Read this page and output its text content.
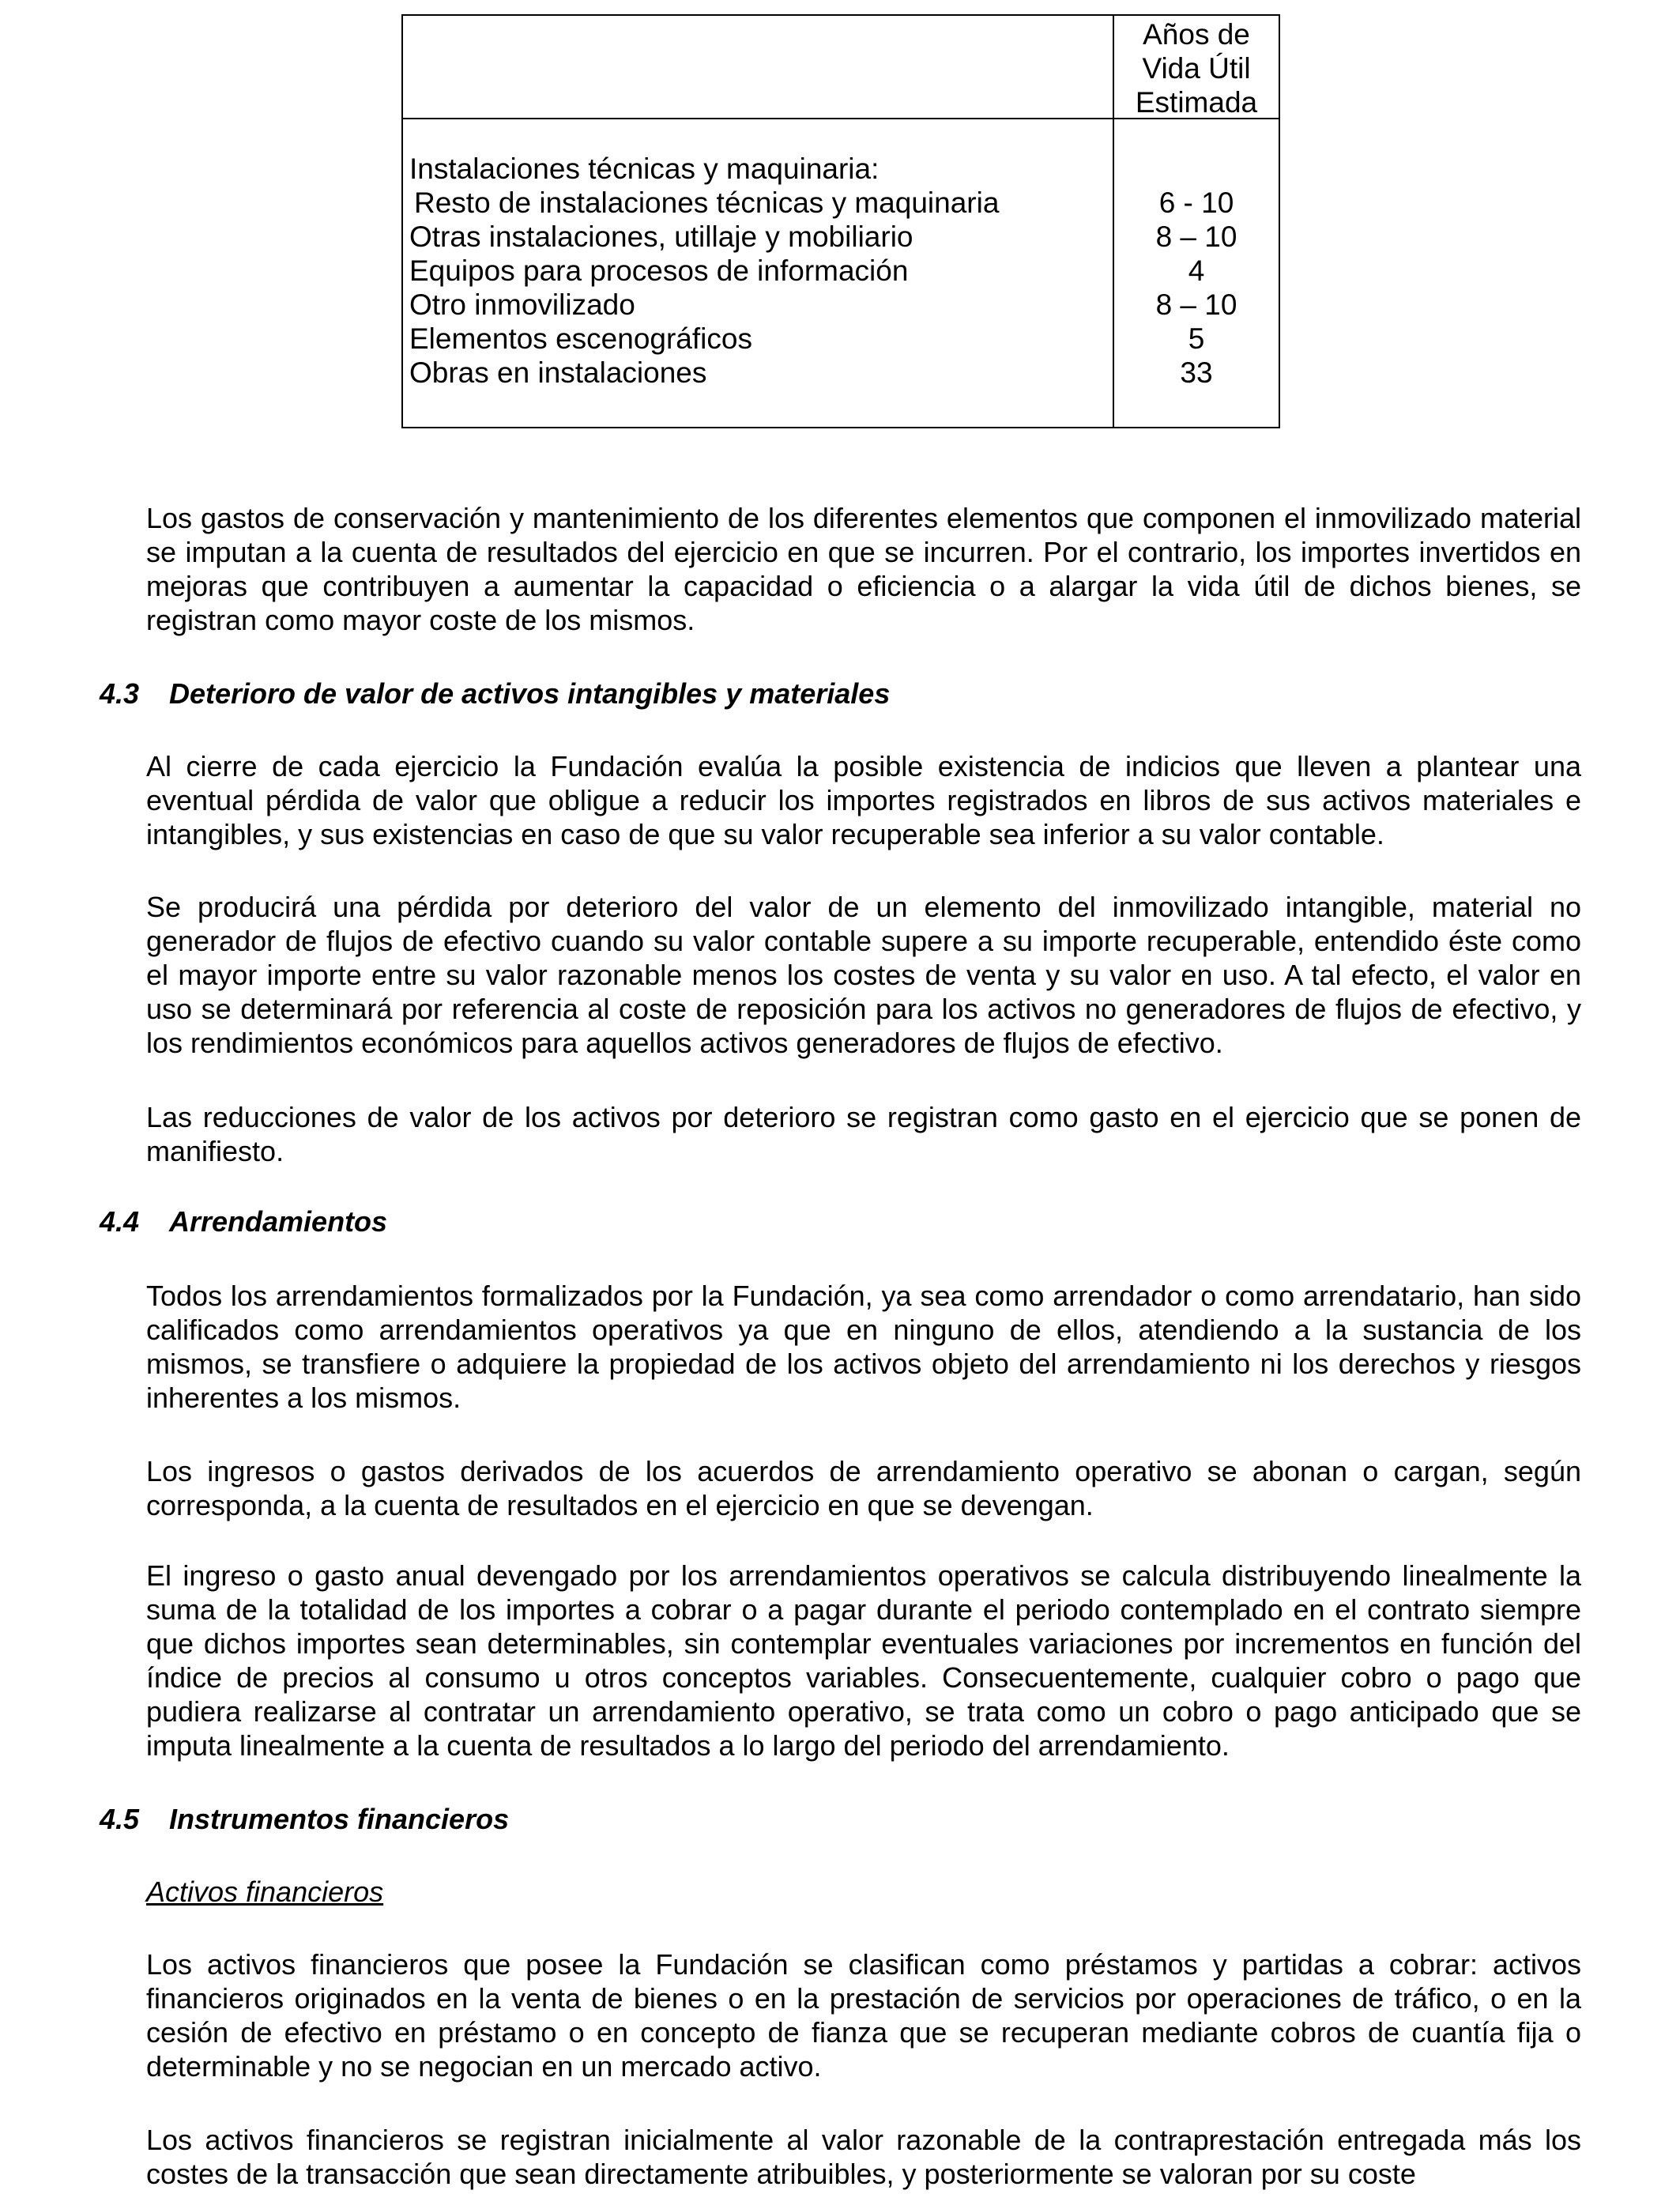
Años de
Vida Útil
Estimada
Instalaciones técnicas y maquinaria:
Resto de instalaciones técnicas y maquinaria	6 - 10
Otras instalaciones, utillaje y mobiliario	8 – 10
Equipos para procesos de información	4
Otro inmovilizado	8 – 10
Elementos escenográficos	5
Obras en instalaciones	33

Los gastos de conservación y mantenimiento de los diferentes elementos que componen el inmovilizado material se imputan a la cuenta de resultados del ejercicio en que se incurren. Por el contrario, los importes invertidos en mejoras que contribuyen a aumentar la capacidad o eficiencia o a alargar la vida útil de dichos bienes, se registran como mayor coste de los mismos.

4.3 Deterioro de valor de activos intangibles y materiales

Al cierre de cada ejercicio la Fundación evalúa la posible existencia de indicios que lleven a plantear una eventual pérdida de valor que obligue a reducir los importes registrados en libros de sus activos materiales e intangibles, y sus existencias en caso de que su valor recuperable sea inferior a su valor contable.

Se producirá una pérdida por deterioro del valor de un elemento del inmovilizado intangible, material no generador de flujos de efectivo cuando su valor contable supere a su importe recuperable, entendido éste como el mayor importe entre su valor razonable menos los costes de venta y su valor en uso. A tal efecto, el valor en uso se determinará por referencia al coste de reposición para los activos no generadores de flujos de efectivo, y los rendimientos económicos para aquellos activos generadores de flujos de efectivo.

Las reducciones de valor de los activos por deterioro se registran como gasto en el ejercicio que se ponen de manifiesto.

4.4 Arrendamientos

Todos los arrendamientos formalizados por la Fundación, ya sea como arrendador o como arrendatario, han sido calificados como arrendamientos operativos ya que en ninguno de ellos, atendiendo a la sustancia de los mismos, se transfiere o adquiere la propiedad de los activos objeto del arrendamiento ni los derechos y riesgos inherentes a los mismos.

Los ingresos o gastos derivados de los acuerdos de arrendamiento operativo se abonan o cargan, según corresponda, a la cuenta de resultados en el ejercicio en que se devengan.

El ingreso o gasto anual devengado por los arrendamientos operativos se calcula distribuyendo linealmente la suma de la totalidad de los importes a cobrar o a pagar durante el periodo contemplado en el contrato siempre que dichos importes sean determinables, sin contemplar eventuales variaciones por incrementos en función del índice de precios al consumo u otros conceptos variables. Consecuentemente, cualquier cobro o pago que pudiera realizarse al contratar un arrendamiento operativo, se trata como un cobro o pago anticipado que se imputa linealmente a la cuenta de resultados a lo largo del periodo del arrendamiento.

4.5 Instrumentos financieros
Activos financieros

Los activos financieros que posee la Fundación se clasifican como préstamos y partidas a cobrar: activos financieros originados en la venta de bienes o en la prestación de servicios por operaciones de tráfico, o en la cesión de efectivo en préstamo o en concepto de fianza que se recuperan mediante cobros de cuantía fija o determinable y no se negocian en un mercado activo.

Los activos financieros se registran inicialmente al valor razonable de la contraprestación entregada más los costes de la transacción que sean directamente atribuibles, y posteriormente se valoran por su coste
